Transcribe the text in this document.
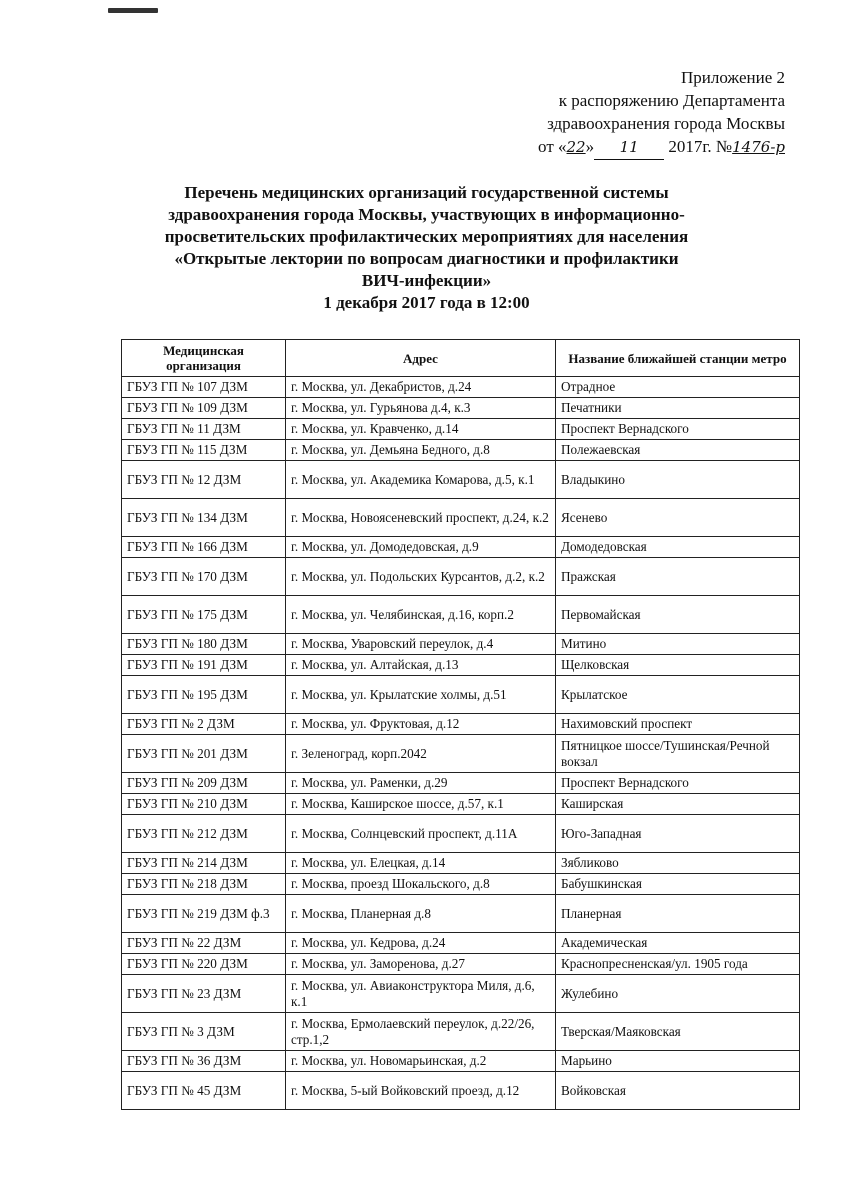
Приложение 2
к распоряжению Департамента
здравоохранения города Москвы
от «22» 11 2017г. №1476-р
Перечень медицинских организаций государственной системы
здравоохранения города Москвы, участвующих в информационно-
просветительских профилактических мероприятиях для населения
«Открытые лектории по вопросам диагностики и профилактики
ВИЧ-инфекции»
1 декабря 2017 года в 12:00
Медицинская организация	Адрес	Название ближайшей станции метро
ГБУЗ ГП № 107 ДЗМ	г. Москва, ул. Декабристов, д.24	Отрадное
ГБУЗ ГП № 109 ДЗМ	г. Москва, ул. Гурьянова д.4, к.3	Печатники
ГБУЗ ГП № 11 ДЗМ	г. Москва, ул. Кравченко, д.14	Проспект Вернадского
ГБУЗ ГП № 115 ДЗМ	г. Москва, ул. Демьяна Бедного, д.8	Полежаевская
ГБУЗ ГП № 12 ДЗМ	г. Москва, ул. Академика Комарова, д.5, к.1	Владыкино
ГБУЗ ГП № 134 ДЗМ	г. Москва, Новоясеневский проспект, д.24, к.2	Ясенево
ГБУЗ ГП № 166 ДЗМ	г. Москва, ул. Домодедовская, д.9	Домодедовская
ГБУЗ ГП № 170 ДЗМ	г. Москва, ул. Подольских Курсантов, д.2, к.2	Пражская
ГБУЗ ГП № 175 ДЗМ	г. Москва, ул. Челябинская, д.16, корп.2	Первомайская
ГБУЗ ГП № 180 ДЗМ	г. Москва, Уваровский переулок, д.4	Митино
ГБУЗ ГП № 191 ДЗМ	г. Москва, ул. Алтайская, д.13	Щелковская
ГБУЗ ГП № 195 ДЗМ	г. Москва, ул. Крылатские холмы, д.51	Крылатское
ГБУЗ ГП № 2 ДЗМ	г. Москва, ул. Фруктовая, д.12	Нахимовский проспект
ГБУЗ ГП № 201 ДЗМ	г. Зеленоград, корп.2042	Пятницкое шоссе/Тушинская/Речной вокзал
ГБУЗ ГП № 209 ДЗМ	г. Москва, ул. Раменки, д.29	Проспект Вернадского
ГБУЗ ГП № 210 ДЗМ	г. Москва, Каширское шоссе, д.57, к.1	Каширская
ГБУЗ ГП № 212 ДЗМ	г. Москва, Солнцевский проспект, д.11А	Юго-Западная
ГБУЗ ГП № 214 ДЗМ	г. Москва, ул. Елецкая, д.14	Зябликово
ГБУЗ ГП № 218 ДЗМ	г. Москва, проезд Шокальского, д.8	Бабушкинская
ГБУЗ ГП № 219 ДЗМ ф.3	г. Москва, Планерная д.8	Планерная
ГБУЗ ГП № 22 ДЗМ	г. Москва, ул. Кедрова, д.24	Академическая
ГБУЗ ГП № 220 ДЗМ	г. Москва, ул. Заморенова, д.27	Краснопресненская/ул. 1905 года
ГБУЗ ГП № 23 ДЗМ	г. Москва, ул. Авиаконструктора Миля, д.6, к.1	Жулебино
ГБУЗ ГП № 3 ДЗМ	г. Москва, Ермолаевский переулок, д.22/26, стр.1,2	Тверская/Маяковская
ГБУЗ ГП № 36 ДЗМ	г. Москва, ул. Новомарьинская, д.2	Марьино
ГБУЗ ГП № 45 ДЗМ	г. Москва, 5-ый Войковский проезд, д.12	Войковская
